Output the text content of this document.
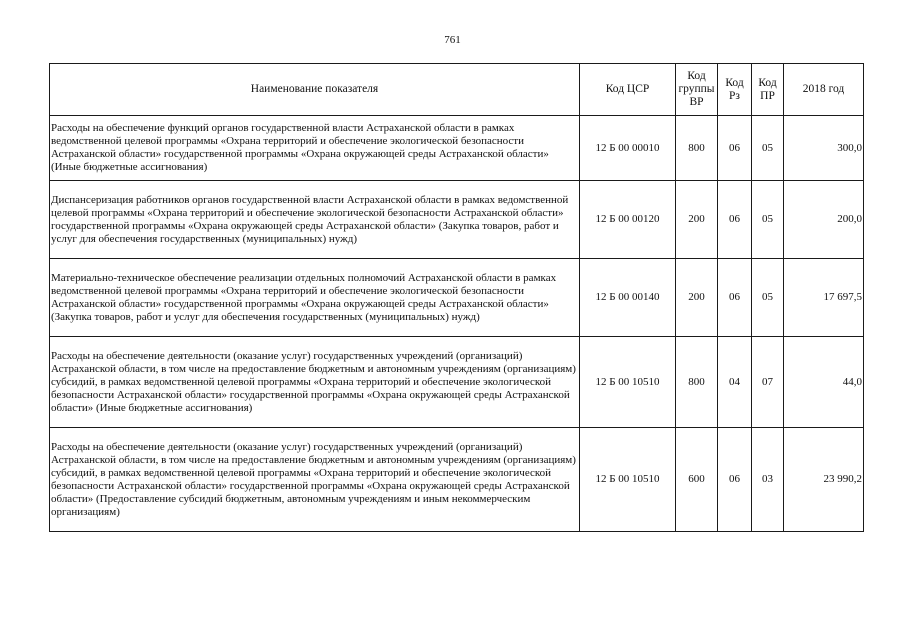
761
Наименование показателя	Код ЦСР	Код группы ВР	Код Рз	Код ПР	2018 год
Расходы на обеспечение функций органов государственной власти Астраханской области в рамках ведомственной целевой программы «Охрана территорий и обеспечение экологической безопасности Астраханской области» государственной программы «Охрана окружающей среды Астраханской области» (Иные бюджетные ассигнования)	12 Б 00 00010	800	06	05	300,0
Диспансеризация работников органов государственной власти Астраханской области в рамках ведомственной целевой программы «Охрана территорий и обеспечение экологической безопасности Астраханской области» государственной программы «Охрана окружающей среды Астраханской области» (Закупка товаров, работ и услуг для обеспечения государственных (муниципальных) нужд)	12 Б 00 00120	200	06	05	200,0
Материально-техническое обеспечение реализации отдельных полномочий Астраханской области в рамках ведомственной целевой программы «Охрана территорий и обеспечение экологической безопасности Астраханской области» государственной программы «Охрана окружающей среды Астраханской области» (Закупка товаров, работ и услуг для обеспечения государственных (муниципальных) нужд)	12 Б 00 00140	200	06	05	17 697,5
Расходы на обеспечение деятельности (оказание услуг) государственных учреждений (организаций) Астраханской области, в том числе на предоставление бюджетным и автономным учреждениям (организациям) субсидий, в рамках ведомственной целевой программы «Охрана территорий и обеспечение экологической безопасности Астраханской области» государственной программы «Охрана окружающей среды Астраханской области» (Иные бюджетные ассигнования)	12 Б 00 10510	800	04	07	44,0
Расходы на обеспечение деятельности (оказание услуг) государственных учреждений (организаций) Астраханской области, в том числе на предоставление бюджетным и автономным учреждениям (организациям) субсидий, в рамках ведомственной целевой программы «Охрана территорий и обеспечение экологической безопасности Астраханской области» государственной программы «Охрана окружающей среды Астраханской области» (Предоставление субсидий бюджетным, автономным учреждениям и иным некоммерческим организациям)	12 Б 00 10510	600	06	03	23 990,2
